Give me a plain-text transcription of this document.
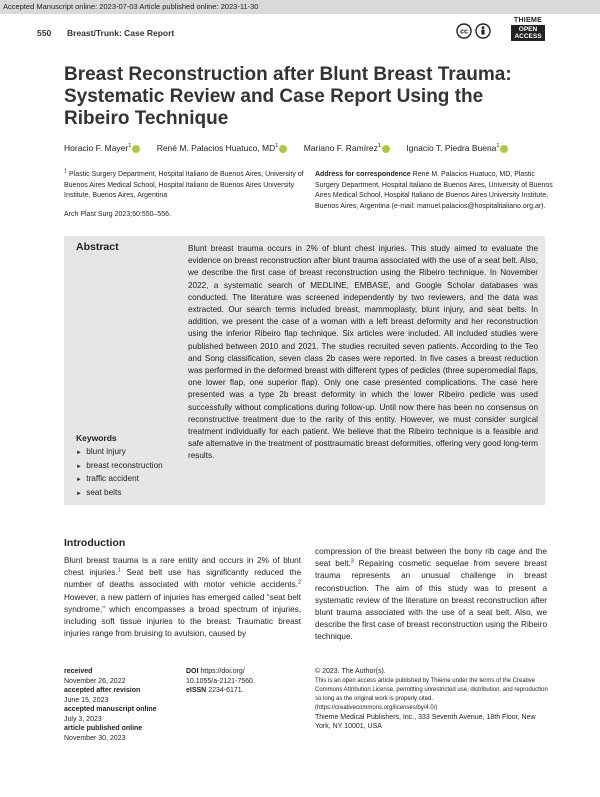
Accepted Manuscript online: 2023-07-03 Article published online: 2023-11-30
550 Breast/Trunk: Case Report	cc
THIEME
OPEN
ACCESS
Breast Reconstruction after Blunt Breast Trauma: Systematic Review and Case Report Using the Ribeiro Technique
Horacio F. Mayer$^1$	René M. Palacios Huatuco, $MD^1$	Mariano F. Ramírez$^1$	Ignacio T. Piedra Buena$^1$
$^1$ Plastic Surgery Department, Hospital Italiano de Buenos Aires, University of Buenos Aires Medical School, Hospital Italiano de Buenos Aires University Institute, Buenos Aires, Argentina
Address for correspondence René M. Palacios Huatuco, MD, Plastic Surgery Department, Hospital Italiano de Buenos Aires, University of Buenos Aires Medical School, Hospital Italiano de Buenos Aires University Institute, Buenos Aires, Argentina (e-mail: manuel.palacios@hospitalitaliano.org.ar).
Arch Plast Surg 2023;50:550–556.
Abstract	Blunt breast trauma occurs in 2% of blunt chest injuries. This study aimed to evaluate the evidence on breast reconstruction after blunt trauma associated with the use of a seat belt. Also, we describe the first case of breast reconstruction using the Ribeiro technique. In November 2022, a systematic search of MEDLINE, EMBASE, and Google Scholar databases was conducted. The literature was screened independently by two reviewers, and the data was extracted. Our search terms included breast, mammoplasty, blunt injury, and seat belts. In addition, we present the case of a woman with a left breast deformity and her reconstruction using the inferior Ribeiro flap technique. Six articles were included. All included studies were published between 2010 and 2021. The studies recruited seven patients. According to the Teo and Song classification, seven class 2b cases were reported. In five cases a breast reduction was performed in the deformed breast with different types of pedicles (three superomedial flaps, one lower flap, one superior flap). Only one case presented complications. The case here presented was a type 2b breast deformity in which the lower Ribeiro pedicle was used successfully without complications during follow-up. Until now there has been no consensus on reconstructive treatment due to the rarity of this entity. However, we must consider surgical treatment individually for each patient. We believe that the Ribeiro technique is a feasible and safe alternative in the treatment of posttraumatic breast deformities, offering very good long-term results.
Keywords
► blunt injury
► breast reconstruction
► traffic accident
► seat belts
Introduction
Blunt breast trauma is a rare entity and occurs in 2% of blunt chest injuries.$^1$ Seat belt use has significantly reduced the number of deaths associated with motor vehicle accidents.$^2$ However, a new pattern of injuries has emerged called “seat belt syndrome,” which encompasses a broad spectrum of injuries, including soft tissue injuries to the breast. Traumatic breast injuries range from bruising to avulsion, caused by
compression of the breast between the bony rib cage and the seat belt.$^3$ Repairing cosmetic sequelae from severe breast trauma represents an unusual challenge in breast reconstruction. The aim of this study was to present a systematic review of the literature on breast reconstruction after blunt trauma associated with the use of a seat belt. Also, we describe the first case of breast reconstruction using the Ribeiro technique.
received
November 26, 2022
accepted after revision
June 15, 2023
accepted manuscript online
July 3, 2023
article published online
November 30, 2023
DOI https://doi.org/
10.1055/a-2121-7560.
eISSN 2234-6171.
© 2023. The Author(s).
This is an open access article published by Thieme under the terms of the Creative Commons Attribution License, permitting unrestricted use, distribution, and reproduction so long as the original work is properly cited. (https://creativecommons.org/licenses/by/4.0/)
Thieme Medical Publishers, Inc., 333 Seventh Avenue, 18th Floor, New York, NY 10001, USA
